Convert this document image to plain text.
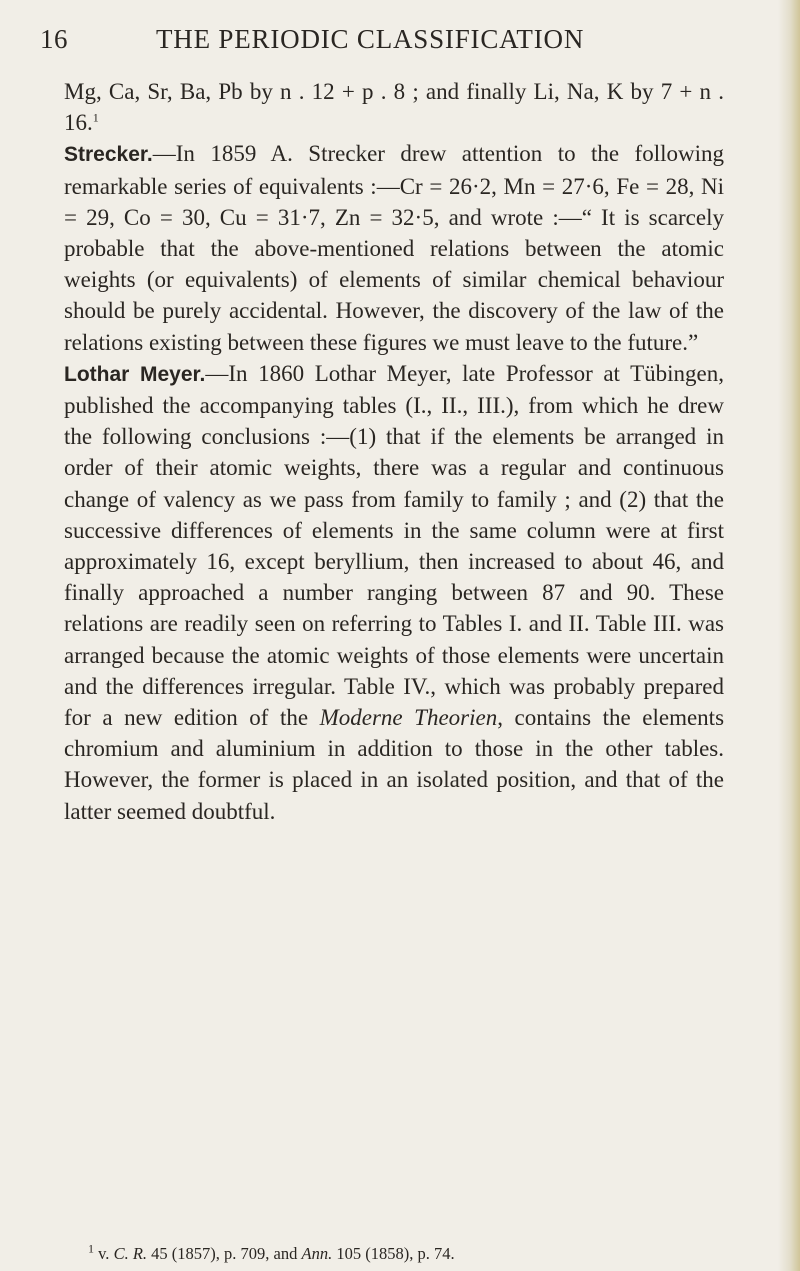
16	THE PERIODIC CLASSIFICATION

Mg, Ca, Sr, Ba, Pb by n . 12 + p . 8 ; and finally Li, Na, K by 7 + n . 16.$^1$

Strecker.—In 1859 A. Strecker drew attention to the following remarkable series of equivalents :—Cr = 26·2, Mn = 27·6, Fe = 28, Ni = 29, Co = 30, Cu = 31·7, Zn = 32·5, and wrote :—“ It is scarcely probable that the above-mentioned relations between the atomic weights (or equivalents) of elements of similar chemical behaviour should be purely accidental. However, the discovery of the law of the relations existing between these figures we must leave to the future.”

Lothar Meyer.—In 1860 Lothar Meyer, late Professor at Tübingen, published the accompanying tables (I., II., III.), from which he drew the following conclusions :—(1) that if the elements be arranged in order of their atomic weights, there was a regular and continuous change of valency as we pass from family to family ; and (2) that the successive differences of elements in the same column were at first approximately 16, except beryllium, then increased to about 46, and finally approached a number ranging between 87 and 90. These relations are readily seen on referring to Tables I. and II. Table III. was arranged because the atomic weights of those elements were uncertain and the differences irregular. Table IV., which was probably prepared for a new edition of the Moderne Theorien, contains the elements chromium and aluminium in addition to those in the other tables. However, the former is placed in an isolated position, and that of the latter seemed doubtful.

$^1$ v. C. R. 45 (1857), p. 709, and Ann. 105 (1858), p. 74.
